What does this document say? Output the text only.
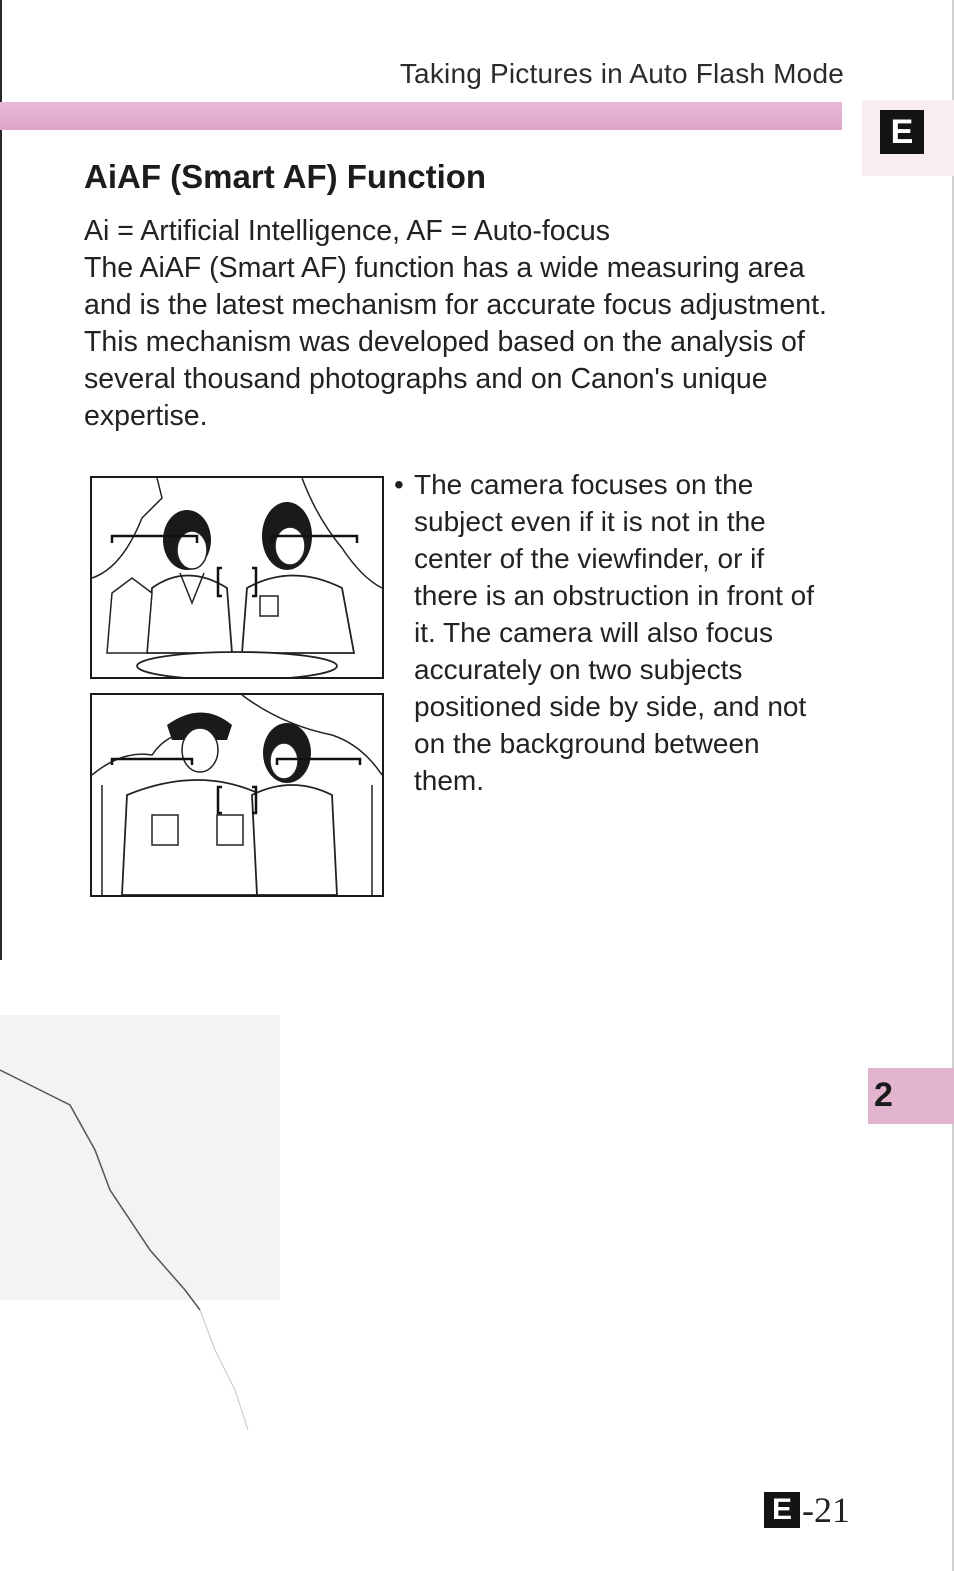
Taking Pictures in Auto Flash Mode
E
AiAF (Smart AF) Function

Ai = Artificial Intelligence, AF = Auto-focus

The AiAF (Smart AF) function has a wide measuring area and is the latest mechanism for accurate focus adjustment. This mechanism was developed based on the analysis of several thousand photographs and on Canon's unique expertise.

• The camera focuses on the subject even if it is not in the center of the viewfinder, or if there is an obstruction in front of it. The camera will also focus accurately on two subjects positioned side by side, and not on the background between them.
2
E -21
